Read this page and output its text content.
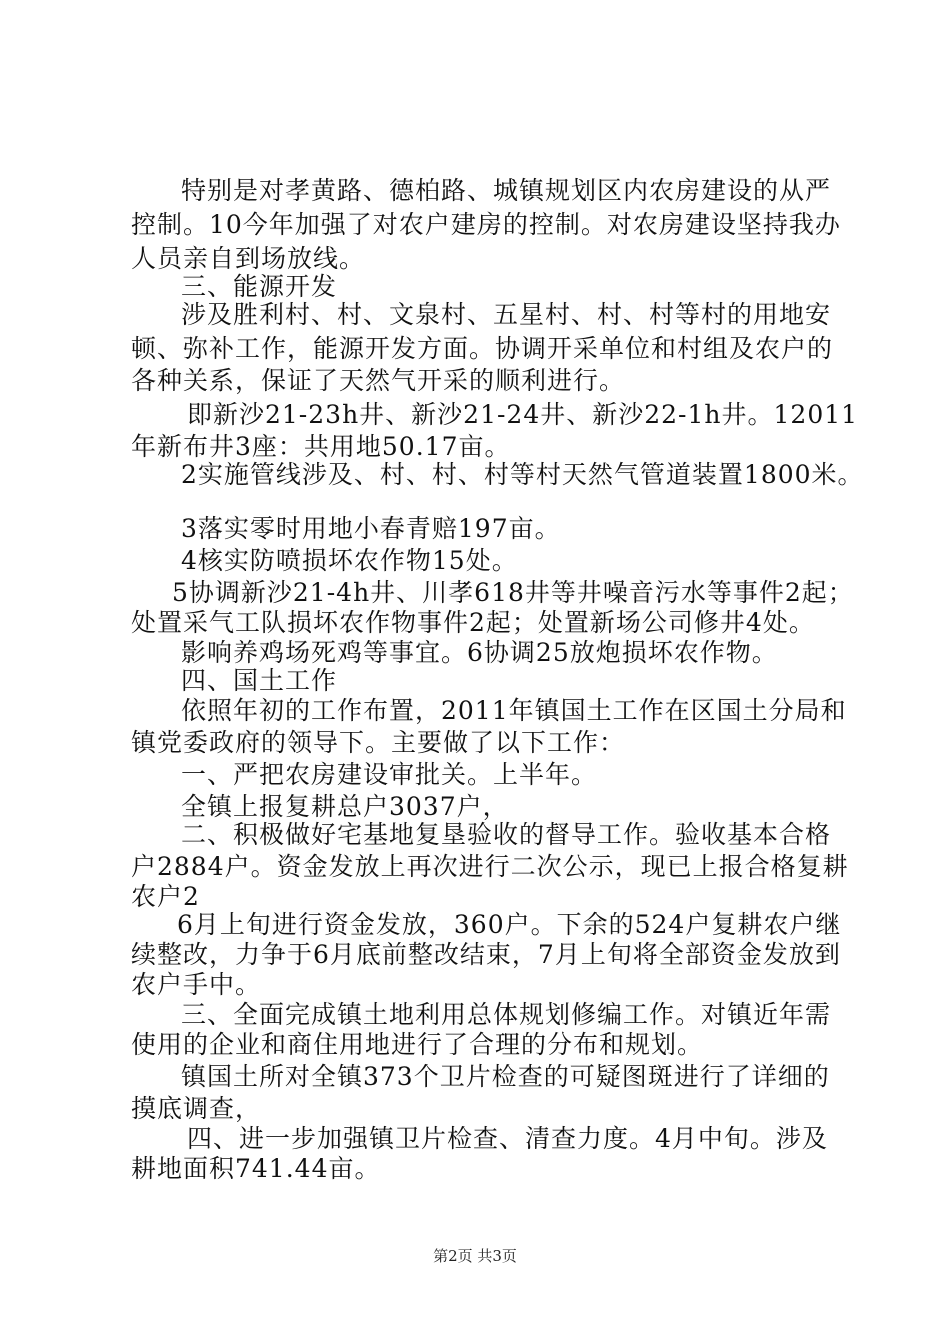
特别是对孝黄路、德柏路、城镇规划区内农房建设的从严
控制。10今年加强了对农户建房的控制。对农房建设坚持我办
人员亲自到场放线。
三、能源开发
涉及胜利村、村、文泉村、五星村、村、村等村的用地安
顿、弥补工作，能源开发方面。协调开采单位和村组及农户的
各种关系，保证了天然气开采的顺利进行。
即新沙21-23h井、新沙21-24井、新沙22-1h井。12011
年新布井3座：共用地50.17亩。
2实施管线涉及、村、村、村等村天然气管道装置1800米。
3落实零时用地小春青赔197亩。
4核实防喷损坏农作物15处。
5协调新沙21-4h井、川孝618井等井噪音污水等事件2起；
处置采气工队损坏农作物事件2起；处置新场公司修井4处。
影响养鸡场死鸡等事宜。6协调25放炮损坏农作物。
四、国土工作
依照年初的工作布置，2011年镇国土工作在区国土分局和
镇党委政府的领导下。主要做了以下工作：
一、严把农房建设审批关。上半年。
全镇上报复耕总户3037户，
二、积极做好宅基地复垦验收的督导工作。验收基本合格
户2884户。资金发放上再次进行二次公示，现已上报合格复耕
农户2
6月上旬进行资金发放，360户。下余的524户复耕农户继
续整改，力争于6月底前整改结束，7月上旬将全部资金发放到
农户手中。
三、全面完成镇土地利用总体规划修编工作。对镇近年需
使用的企业和商住用地进行了合理的分布和规划。
镇国土所对全镇373个卫片检查的可疑图斑进行了详细的
摸底调查，
四、进一步加强镇卫片检查、清查力度。4月中旬。涉及
耕地面积741.44亩。
第2页 共3页
